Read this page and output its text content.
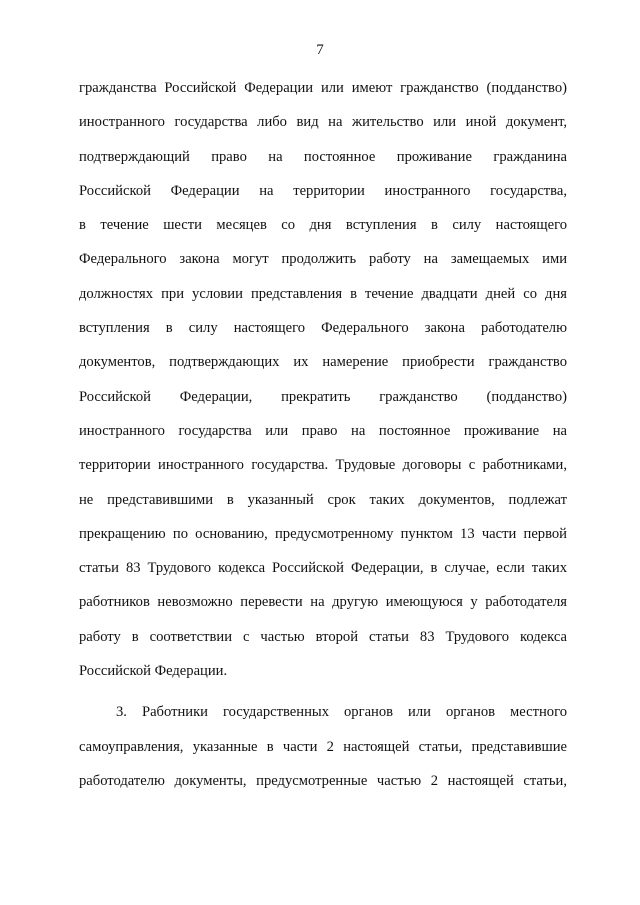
7
гражданства Российской Федерации или имеют гражданство (подданство)
иностранного государства либо вид на жительство или иной документ,
подтверждающий право на постоянное проживание гражданина
Российской Федерации на территории иностранного государства,
в течение шести месяцев со дня вступления в силу настоящего
Федерального закона могут продолжить работу на замещаемых ими
должностях при условии представления в течение двадцати дней со дня
вступления в силу настоящего Федерального закона работодателю
документов, подтверждающих их намерение приобрести гражданство
Российской Федерации, прекратить гражданство (подданство)
иностранного государства или право на постоянное проживание на
территории иностранного государства. Трудовые договоры с работниками,
не представившими в указанный срок таких документов, подлежат
прекращению по основанию, предусмотренному пунктом 13 части первой
статьи 83 Трудового кодекса Российской Федерации, в случае, если таких
работников невозможно перевести на другую имеющуюся у работодателя
работу в соответствии с частью второй статьи 83 Трудового кодекса
Российской Федерации.
3. Работники государственных органов или органов местного
самоуправления, указанные в части 2 настоящей статьи, представившие
работодателю документы, предусмотренные частью 2 настоящей статьи,
